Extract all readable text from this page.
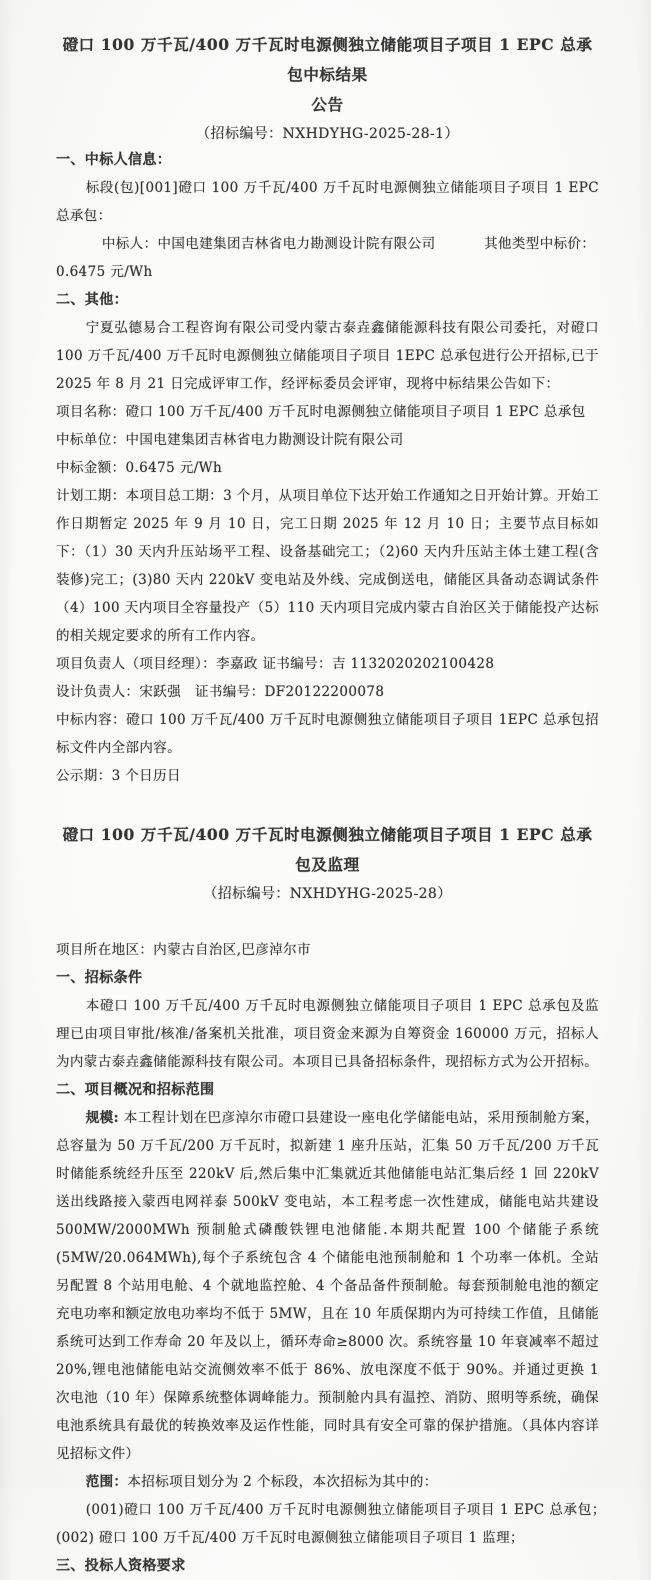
磴口 100 万千瓦/400 万千瓦时电源侧独立储能项目子项目 1 EPC 总承包中标结果
公告
（招标编号：NXHDYHG-2025-28-1）

一、中标人信息：

标段(包)[001]磴口 100 万千瓦/400 万千瓦时电源侧独立储能项目子项目 1 EPC 总承包：

中标人：中国电建集团吉林省电力勘测设计院有限公司	其他类型中标价：

0.6475 元/Wh

二、其他：

宁夏弘德易合工程咨询有限公司受内蒙古泰垚鑫储能源科技有限公司委托，对磴口 100 万千瓦/400 万千瓦时电源侧独立储能项目子项目 1EPC 总承包进行公开招标,已于 2025 年 8 月 21 日完成评审工作，经评标委员会评审，现将中标结果公告如下：

项目名称：磴口 100 万千瓦/400 万千瓦时电源侧独立储能项目子项目 1 EPC 总承包

中标单位：中国电建集团吉林省电力勘测设计院有限公司

中标金额：0.6475 元/Wh

计划工期：本项目总工期：3 个月，从项目单位下达开始工作通知之日开始计算。开始工作日期暂定 2025 年 9 月 10 日，完工日期 2025 年 12 月 10 日；主要节点目标如下：（1）30 天内升压站场平工程、设备基础完工；（2)60 天内升压站主体土建工程(含装修)完工；(3)80 天内 220kV 变电站及外线、完成倒送电，储能区具备动态调试条件（4）100 天内项目全容量投产（5）110 天内项目完成内蒙古自治区关于储能投产达标的相关规定要求的所有工作内容。

项目负责人（项目经理）：李嘉政 证书编号：吉 1132020202100428

设计负责人：宋跃强　证书编号：DF20122200078

中标内容：磴口 100 万千瓦/400 万千瓦时电源侧独立储能项目子项目 1EPC 总承包招标文件内全部内容。

公示期：3 个日历日

磴口 100 万千瓦/400 万千瓦时电源侧独立储能项目子项目 1 EPC 总承包及监理
（招标编号：NXHDYHG-2025-28）

项目所在地区：内蒙古自治区,巴彦淖尔市

一、招标条件

本磴口 100 万千瓦/400 万千瓦时电源侧独立储能项目子项目 1 EPC 总承包及监理已由项目审批/核准/备案机关批准，项目资金来源为自筹资金 160000 万元，招标人为内蒙古泰垚鑫储能源科技有限公司。本项目已具备招标条件，现招标方式为公开招标。

二、项目概况和招标范围

规模: 本工程计划在巴彦淖尔市磴口县建设一座电化学储能电站，采用预制舱方案，总容量为 50 万千瓦/200 万千瓦时，拟新建 1 座升压站，汇集 50 万千瓦/200 万千瓦时储能系统经升压至 220kV 后,然后集中汇集就近其他储能电站汇集后经 1 回 220kV 送出线路接入蒙西电网祥泰 500kV 变电站，本工程考虑一次性建成，储能电站共建设 500MW/2000MWh 预制舱式磷酸铁锂电池储能.本期共配置 100 个储能子系统(5MW/20.064MWh),每个子系统包含 4 个储能电池预制舱和 1 个功率一体机。全站另配置 8 个站用电舱、4 个就地监控舱、4 个备品备件预制舱。每套预制舱电池的额定充电功率和额定放电功率均不低于 5MW，且在 10 年质保期内为可持续工作值，且储能系统可达到工作寿命 20 年及以上，循环寿命≥8000 次。系统容量 10 年衰减率不超过 20%,锂电池储能电站交流侧效率不低于 86%、放电深度不低于 90%。并通过更换 1 次电池（10 年）保障系统整体调峰能力。预制舱内具有温控、消防、照明等系统，确保电池系统具有最优的转换效率及运作性能，同时具有安全可靠的保护措施。（具体内容详见招标文件）

范围：本招标项目划分为 2 个标段，本次招标为其中的：

(001)磴口 100 万千瓦/400 万千瓦时电源侧独立储能项目子项目 1 EPC 总承包；　(002) 磴口 100 万千瓦/400 万千瓦时电源侧独立储能项目子项目 1 监理；

三、投标人资格要求
